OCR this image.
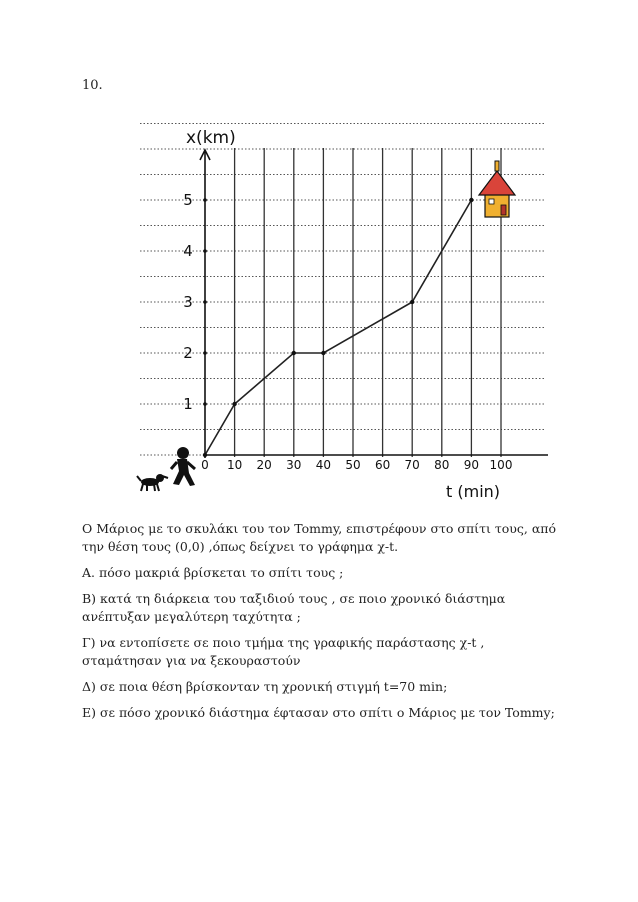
10.
0 10 20 30 40 50 60 70 80 90 100
1
2
3
4
5
x(km)
t (min)

Ο Μάριος με το σκυλάκι του τον Tommy, επιστρέφουν στο σπίτι τους, από την θέση τους (0,0) ,όπως δείχνει το γράφημα χ-t.

Α. πόσο μακριά βρίσκεται το σπίτι τους ;

Β) κατά τη διάρκεια του ταξιδιού τους , σε ποιο χρονικό διάστημα ανέπτυξαν μεγαλύτερη ταχύτητα ;

Γ) να εντοπίσετε σε ποιο τμήμα της γραφικής παράστασης χ-t , σταμάτησαν για να ξεκουραστούν

Δ) σε ποια θέση βρίσκονταν τη χρονική στιγμή t=70 min;

Ε) σε πόσο χρονικό διάστημα έφτασαν στο σπίτι ο Μάριος με τον Tommy;
